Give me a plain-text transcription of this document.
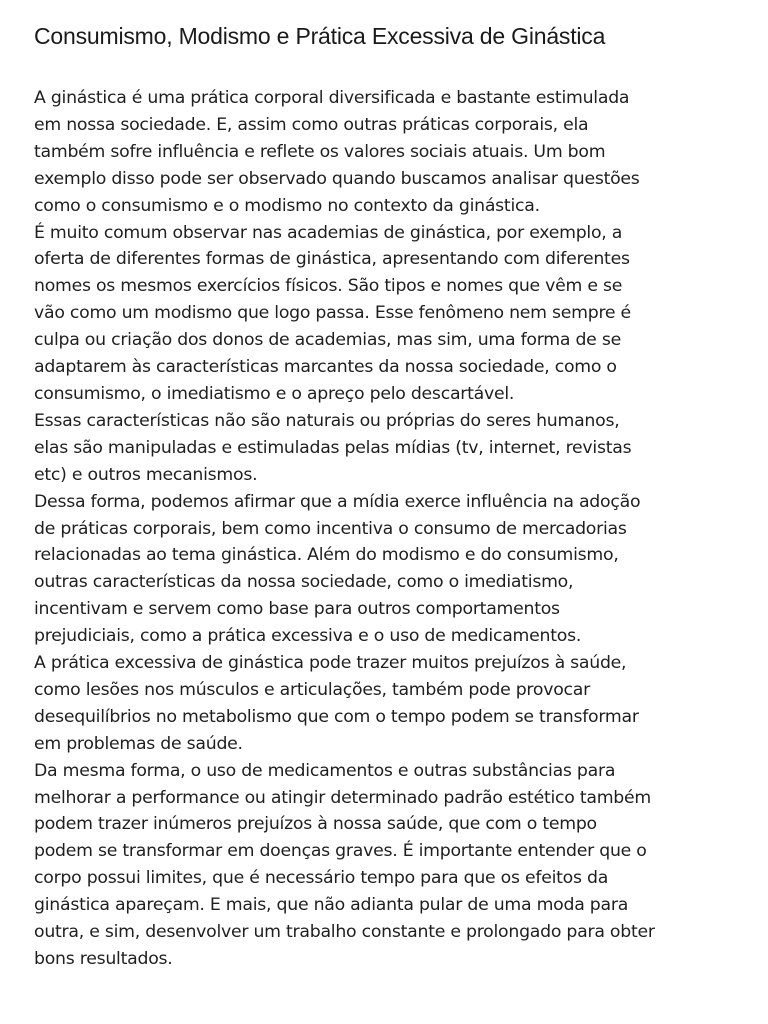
Consumismo, Modismo e Prática Excessiva de Ginástica
A ginástica é uma prática corporal diversificada e bastante estimulada
em nossa sociedade. E, assim como outras práticas corporais, ela
também sofre influência e reflete os valores sociais atuais. Um bom
exemplo disso pode ser observado quando buscamos analisar questões
como o consumismo e o modismo no contexto da ginástica.
É muito comum observar nas academias de ginástica, por exemplo, a
oferta de diferentes formas de ginástica, apresentando com diferentes
nomes os mesmos exercícios físicos. São tipos e nomes que vêm e se
vão como um modismo que logo passa. Esse fenômeno nem sempre é
culpa ou criação dos donos de academias, mas sim, uma forma de se
adaptarem às características marcantes da nossa sociedade, como o
consumismo, o imediatismo e o apreço pelo descartável.
Essas características não são naturais ou próprias do seres humanos,
elas são manipuladas e estimuladas pelas mídias (tv, internet, revistas
etc) e outros mecanismos.
Dessa forma, podemos afirmar que a mídia exerce influência na adoção
de práticas corporais, bem como incentiva o consumo de mercadorias
relacionadas ao tema ginástica. Além do modismo e do consumismo,
outras características da nossa sociedade, como o imediatismo,
incentivam e servem como base para outros comportamentos
prejudiciais, como a prática excessiva e o uso de medicamentos.
A prática excessiva de ginástica pode trazer muitos prejuízos à saúde,
como lesões nos músculos e articulações, também pode provocar
desequilíbrios no metabolismo que com o tempo podem se transformar
em problemas de saúde.
Da mesma forma, o uso de medicamentos e outras substâncias para
melhorar a performance ou atingir determinado padrão estético também
podem trazer inúmeros prejuízos à nossa saúde, que com o tempo
podem se transformar em doenças graves. É importante entender que o
corpo possui limites, que é necessário tempo para que os efeitos da
ginástica apareçam. E mais, que não adianta pular de uma moda para
outra, e sim, desenvolver um trabalho constante e prolongado para obter
bons resultados.
